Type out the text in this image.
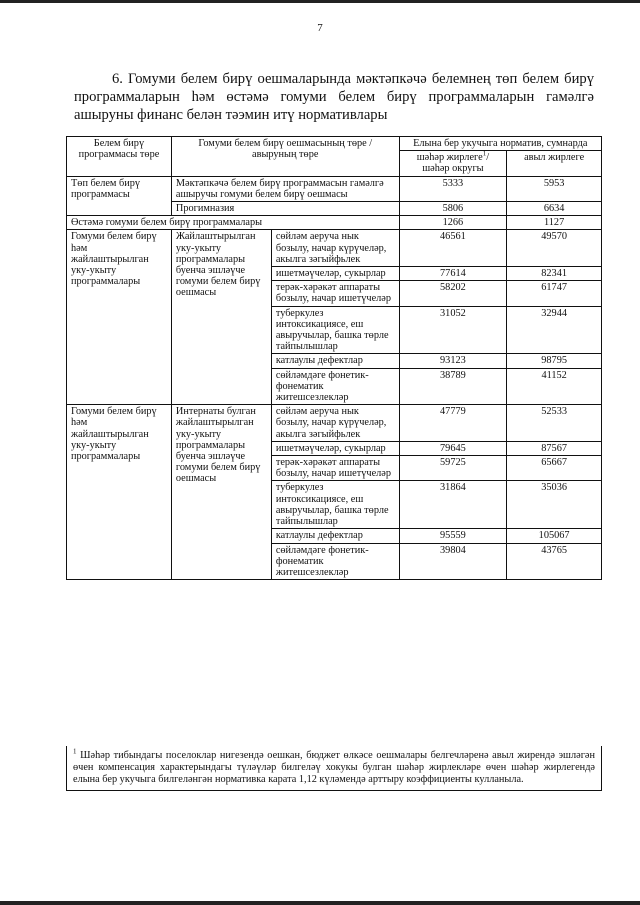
7
6. Гомуми белем бирү оешмаларында мәктәпкәчә белемнең төп белем бирү программаларын һәм өстәмә гомуми белем бирү программаларын гамәлгә ашыруны финанс белән тәэмин итү нормативлары
Белем бирү программасы төре	Гомуми белем бирү оешмасының төре / авыруның төре		Елына бер укучыга норматив, сумнарда	
			шәһәр жирлеге$^1$/ шәһәр округы	авыл жирлеге
Төп белем бирү программасы	Мәктәпкәчә белем бирү программасын гамәлгә ашыручы гомуми белем бирү оешмасы		5333	5953
	Прогимназия		5806	6634
Өстәмә гомуми белем бирү программалары			1266	1127
Гомуми белем бирү һәм жайлаштырылган уку-укыту программалары	Жайлаштырылган уку-укыту программалары буенча эшләүче гомуми белем бирү оешмасы	сөйләм аеруча нык бозылу, начар күрүчеләр, акылга зәгыйфьлек	46561	49570
		ишетмәүчеләр, сукырлар	77614	82341
		терәк-хәрәкәт аппараты бозылу, начар ишетүчеләр	58202	61747
		туберкулез интоксикациясе, еш авыручылар, башка төрле тайпылышлар	31052	32944
		катлаулы дефектлар	93123	98795
		сөйләмдәге фонетик-фонематик житешсезлекләр	38789	41152
Гомуми белем бирү һәм жайлаштырылган уку-укыту программалары	Интернаты булган жайлаштырылган уку-укыту программалары буенча эшләүче гомуми белем бирү оешмасы	сөйләм аеруча нык бозылу, начар күрүчеләр, акылга зәгыйфьлек	47779	52533
		ишетмәүчеләр, сукырлар	79645	87567
		терәк-хәрәкәт аппараты бозылу, начар ишетүчеләр	59725	65667
		туберкулез интоксикациясе, еш авыручылар, башка төрле тайпылышлар	31864	35036
		катлаулы дефектлар	95559	105067
		сөйләмдәге фонетик-фонематик житешсезлекләр	39804	43765
$^1$ Шәһәр тибындагы поселоклар нигезендә оешкан, бюджет өлкәсе оешмалары белгечләренә авыл жирендә эшләгән өчен компенсация характерындагы түләүләр билгеләү хокукы булган шәһәр жирлекләре өчен шәһәр жирлегендә елына бер укучыга билгеләнгән нормативка карата 1,12 күләмендә арттыру коэффициенты кулланыла.
